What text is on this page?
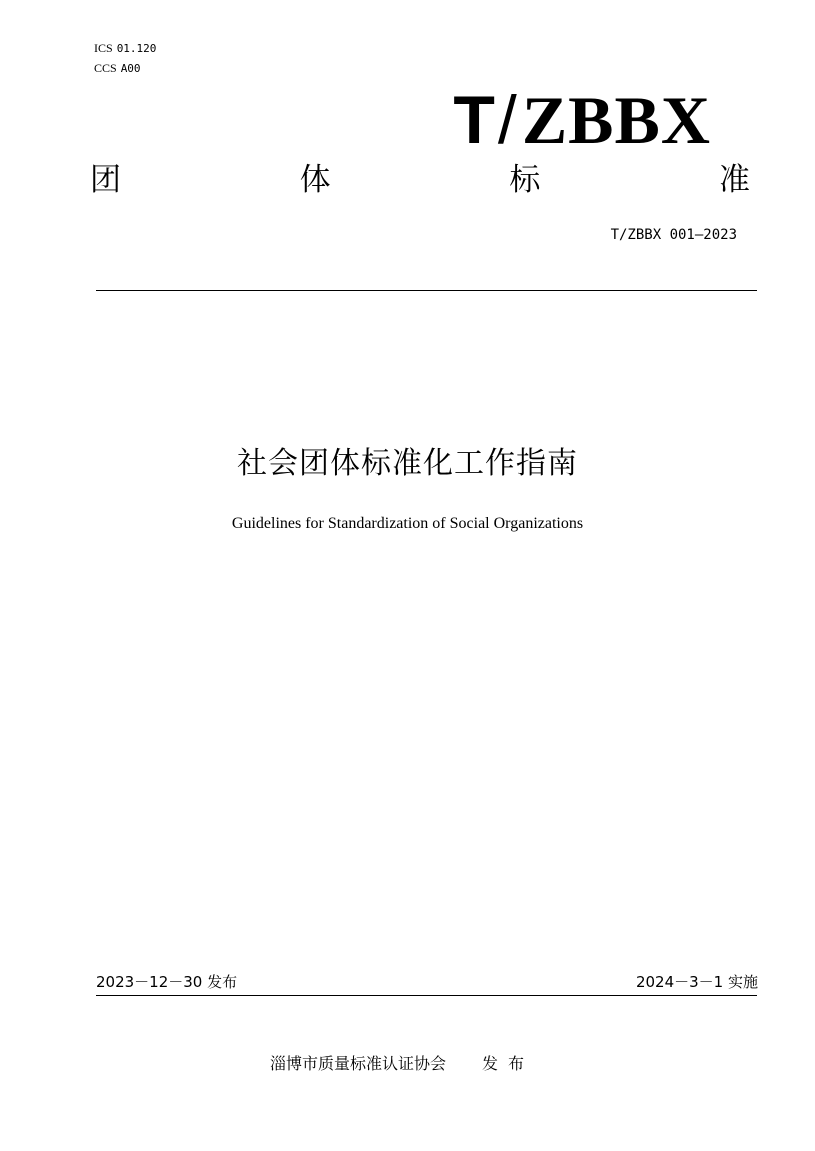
ICS 01.120
CCS A00
T/ZBBX
团	体	标	准
T/ZBBX 001—2023
社会团体标准化工作指南
Guidelines for Standardization of Social Organizations
2023－12－30 发布	2024－3－1 实施
淄博市质量标准认证协会 发布
